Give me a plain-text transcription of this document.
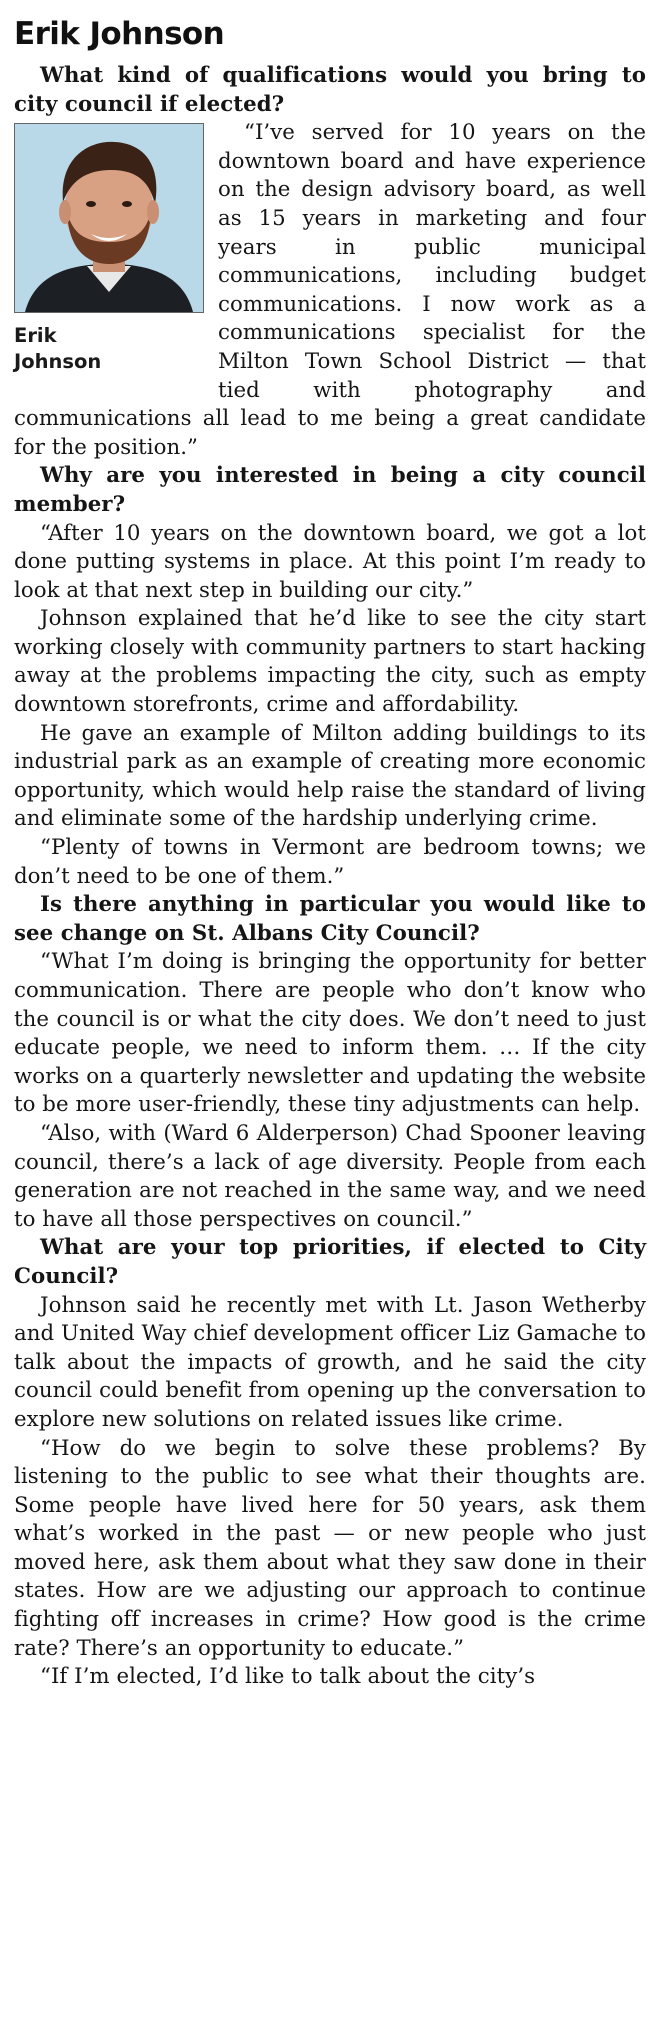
Erik Johnson

What kind of qualifications would you bring to city council if elected?

Erik
Johnson

“I’ve served for 10 years on the downtown board and have experience on the design advisory board, as well as 15 years in marketing and four years in public municipal communications, including budget communications. I now work as a communications specialist for the Milton Town School District — that tied with photography and communications all lead to me being a great candidate for the position.”

Why are you interested in being a city council member?

“After 10 years on the downtown board, we got a lot done putting systems in place. At this point I’m ready to look at that next step in building our city.”

Johnson explained that he’d like to see the city start working closely with community partners to start hacking away at the problems impacting the city, such as empty downtown storefronts, crime and affordability.

He gave an example of Milton adding buildings to its industrial park as an example of creating more economic opportunity, which would help raise the standard of living and eliminate some of the hardship underlying crime.

“Plenty of towns in Vermont are bedroom towns; we don’t need to be one of them.”

Is there anything in particular you would like to see change on St. Albans City Council?

“What I’m doing is bringing the opportunity for better communication. There are people who don’t know who the council is or what the city does. We don’t need to just educate people, we need to inform them. … If the city works on a quarterly newsletter and updating the website to be more user-friendly, these tiny adjustments can help.

“Also, with (Ward 6 Alderperson) Chad Spooner leaving council, there’s a lack of age diversity. People from each generation are not reached in the same way, and we need to have all those perspectives on council.”

What are your top priorities, if elected to City Council?

Johnson said he recently met with Lt. Jason Wetherby and United Way chief development officer Liz Gamache to talk about the impacts of growth, and he said the city council could benefit from opening up the conversation to explore new solutions on related issues like crime.

“How do we begin to solve these problems? By listening to the public to see what their thoughts are. Some people have lived here for 50 years, ask them what’s worked in the past — or new people who just moved here, ask them about what they saw done in their states. How are we adjusting our approach to continue fighting off increases in crime? How good is the crime rate? There’s an opportunity to educate.”

“If I’m elected, I’d like to talk about the city’s
